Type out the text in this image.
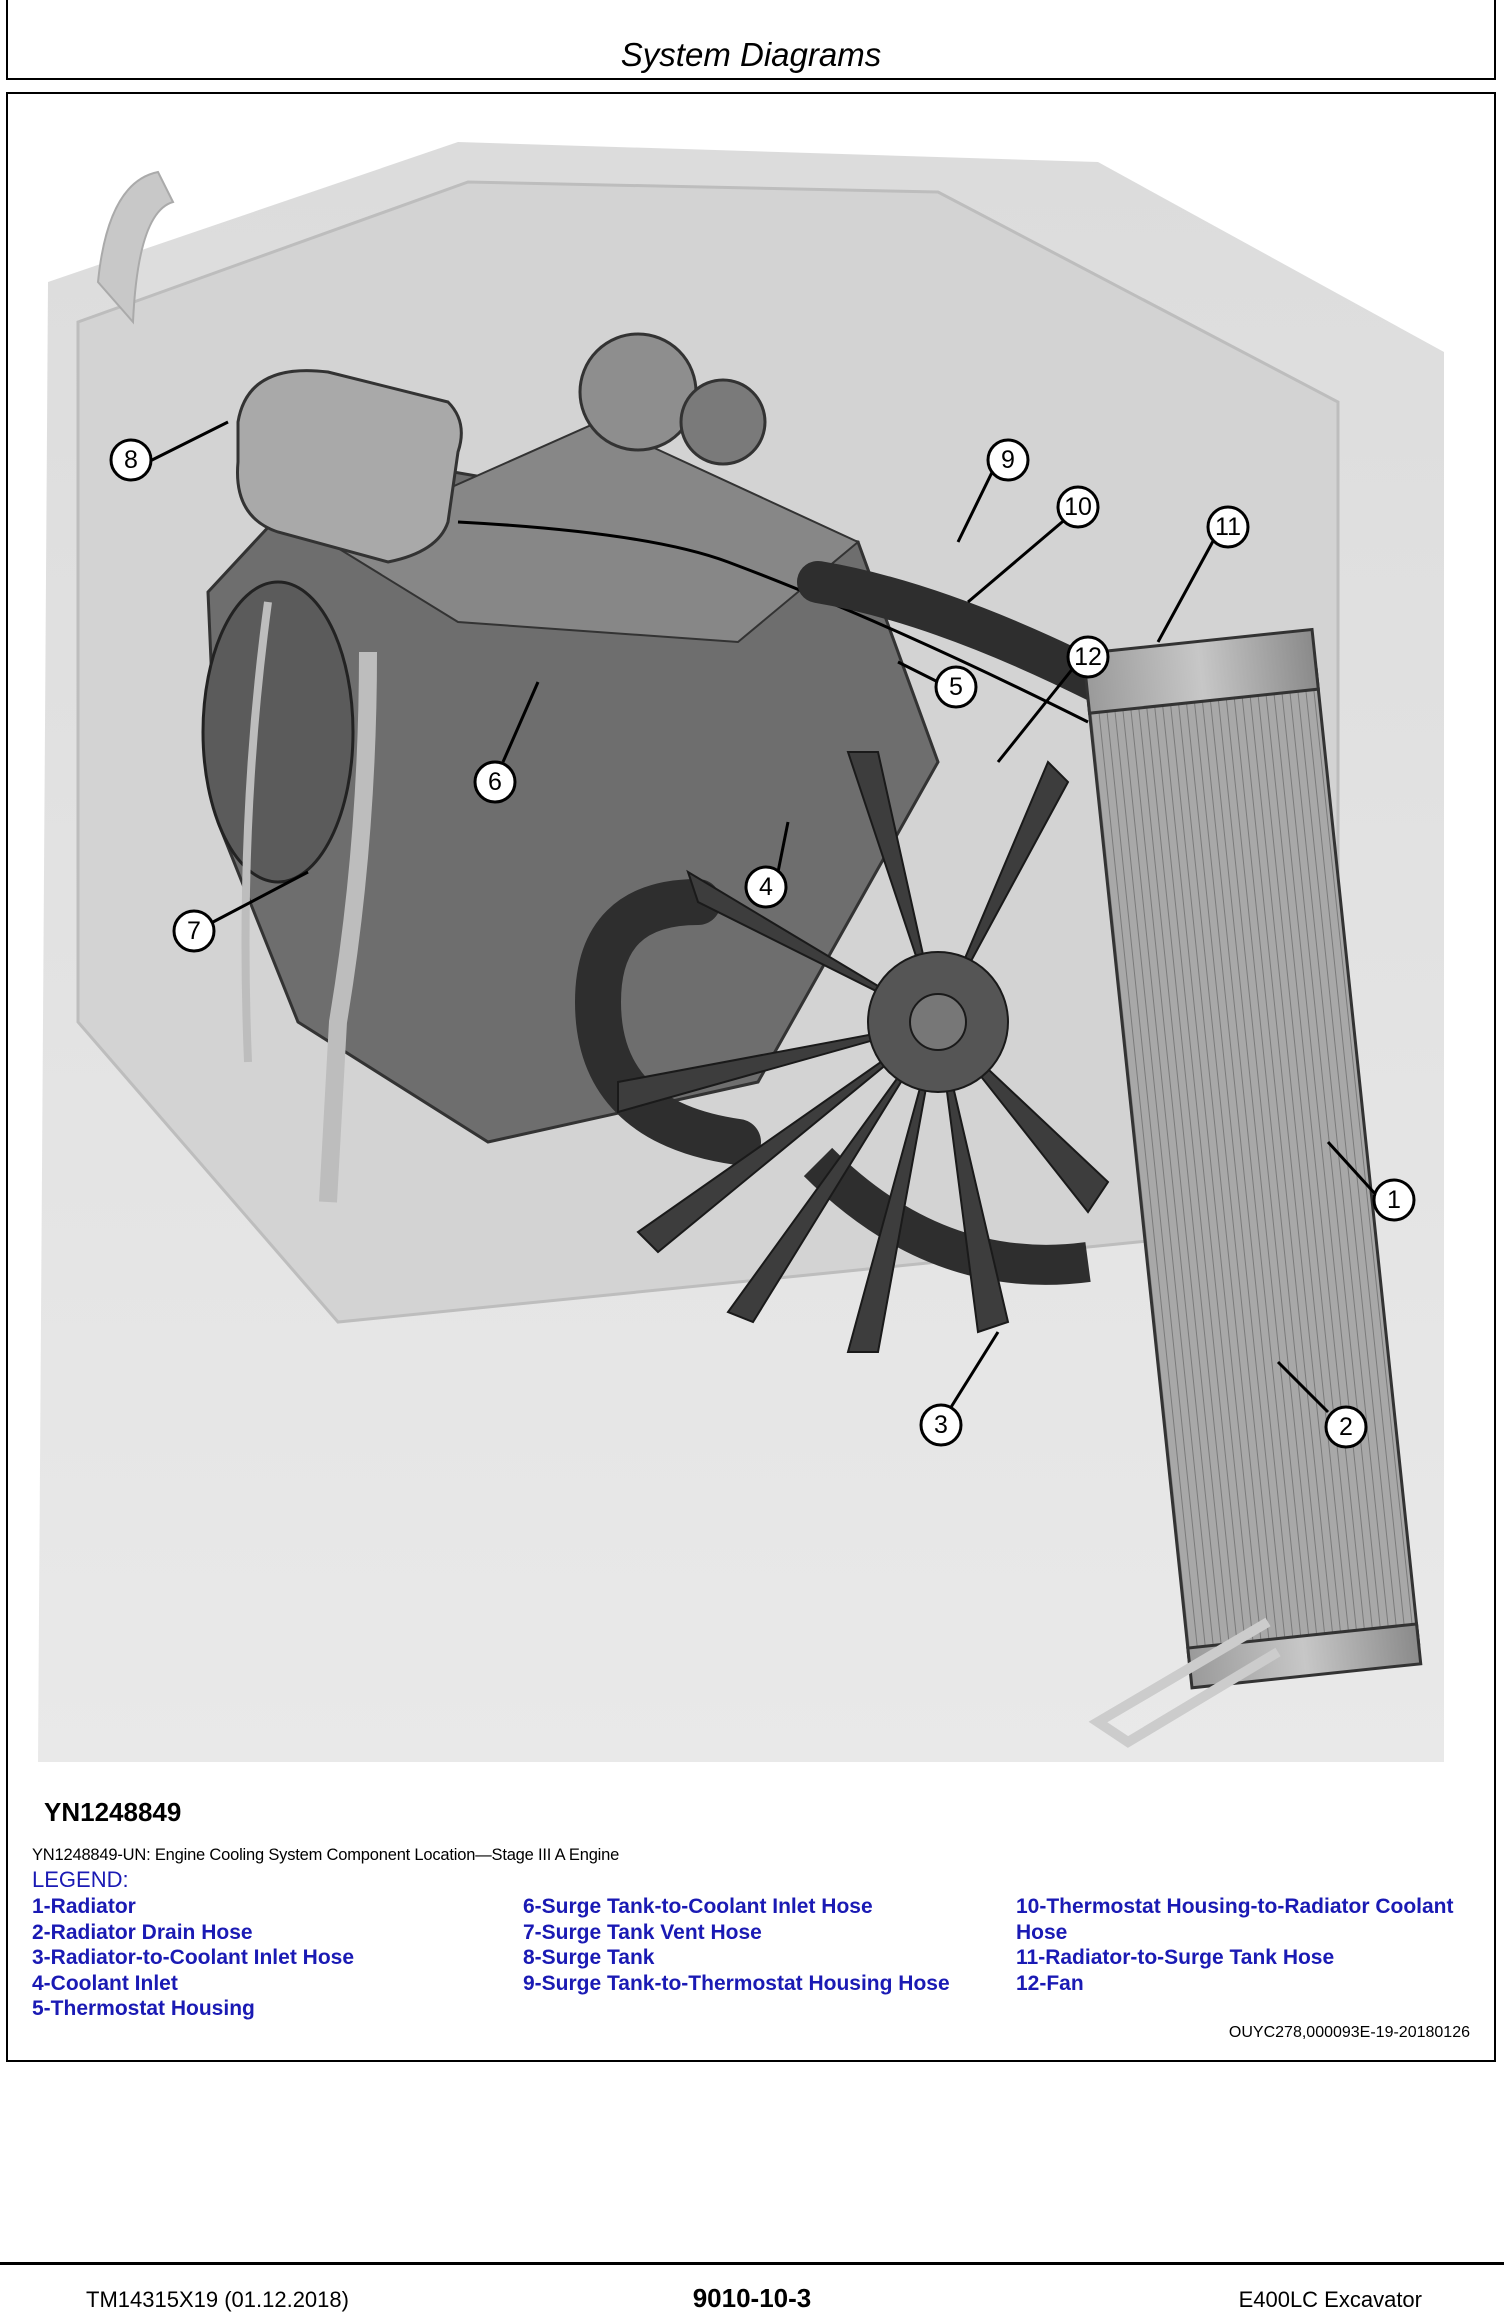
System Diagrams
8	9
10
11
5
12
6
4
7
1
3	2
YN1248849
YN1248849-UN: Engine Cooling System Component Location—Stage III A Engine
LEGEND:
1-Radiator
2-Radiator Drain Hose
3-Radiator-to-Coolant Inlet Hose
4-Coolant Inlet
5-Thermostat Housing
6-Surge Tank-to-Coolant Inlet Hose
7-Surge Tank Vent Hose
8-Surge Tank
9-Surge Tank-to-Thermostat Housing Hose
10-Thermostat Housing-to-Radiator Coolant
Hose
11-Radiator-to-Surge Tank Hose
12-Fan
OUYC278,000093E-19-20180126
TM14315X19 (01.12.2018)	9010-10-3	E400LC Excavator
